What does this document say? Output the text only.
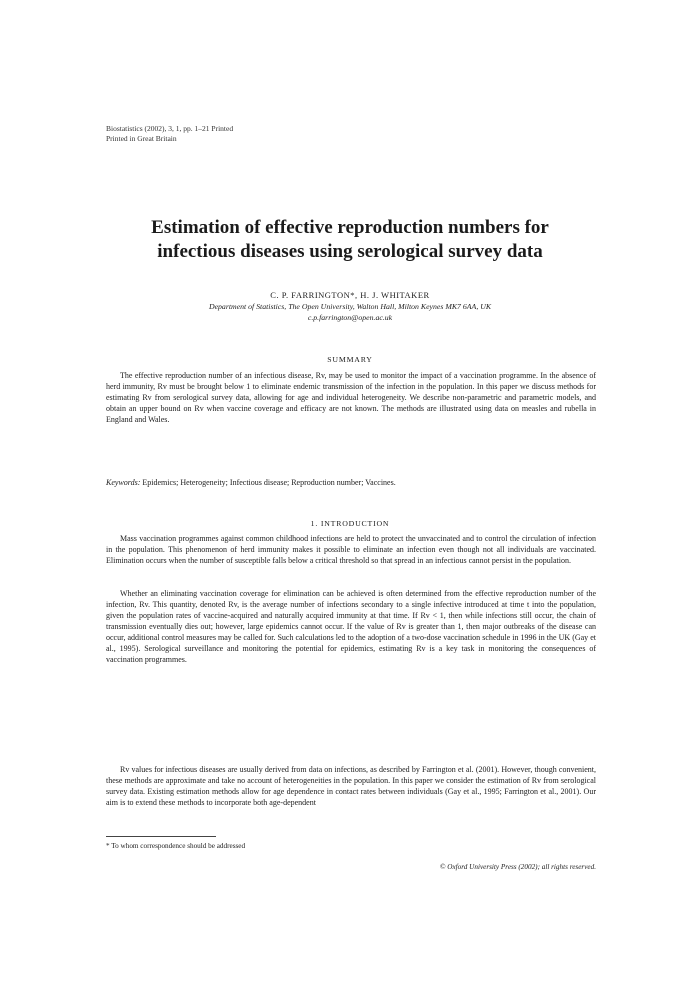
Biostatistics (2002), 3, 1, pp. 1–21 Printed
Printed in Great Britain
Estimation of effective reproduction numbers for
infectious diseases using serological survey data
C. P. FARRINGTON*, H. J. WHITAKER
Department of Statistics, The Open University, Walton Hall, Milton Keynes MK7 6AA, UK
c.p.farrington@open.ac.uk
SUMMARY

The effective reproduction number of an infectious disease, Rv, may be used to monitor the impact of a vaccination programme. In the absence of herd immunity, Rv must be brought below 1 to eliminate endemic transmission of the infection in the population. In this paper we discuss methods for estimating Rv from serological survey data, allowing for age and individual heterogeneity. We describe non-parametric and parametric models, and obtain an upper bound on Rv when vaccine coverage and efficacy are not known. The methods are illustrated using data on measles and rubella in England and Wales.

Keywords: Epidemics; Heterogeneity; Infectious disease; Reproduction number; Vaccines.
1. INTRODUCTION

Mass vaccination programmes against common childhood infections are held to protect the unvaccinated and to control the circulation of infection in the population. This phenomenon of herd immunity makes it possible to eliminate an infection even though not all individuals are vaccinated. Elimination occurs when the number of susceptible falls below a critical threshold so that spread in an infectious cannot persist in the population.

Whether an eliminating vaccination coverage for elimination can be achieved is often determined from the effective reproduction number of the infection, Rv. This quantity, denoted Rv, is the average number of infections secondary to a single infective introduced at time t into the population, given the population rates of vaccine-acquired and naturally acquired immunity at that time. If Rv < 1, then while infections still occur, the chain of transmission eventually dies out; however, large epidemics cannot occur. If the value of Rv is greater than 1, then major outbreaks of the disease can occur, additional control measures may be called for. Such calculations led to the adoption of a two-dose vaccination schedule in 1996 in the UK (Gay et al., 1995). Serological surveillance and monitoring the potential for epidemics, estimating Rv is a key task in monitoring the consequences of vaccination programmes.

Rv values for infectious diseases are usually derived from data on infections, as described by Farrington et al. (2001). However, though convenient, these methods are approximate and take no account of heterogeneities in the population. In this paper we consider the estimation of Rv from serological survey data. Existing estimation methods allow for age dependence in contact rates between individuals (Gay et al., 1995; Farrington et al., 2001). Our aim is to extend these methods to incorporate both age-dependent

* To whom correspondence should be addressed
© Oxford University Press (2002); all rights reserved.
